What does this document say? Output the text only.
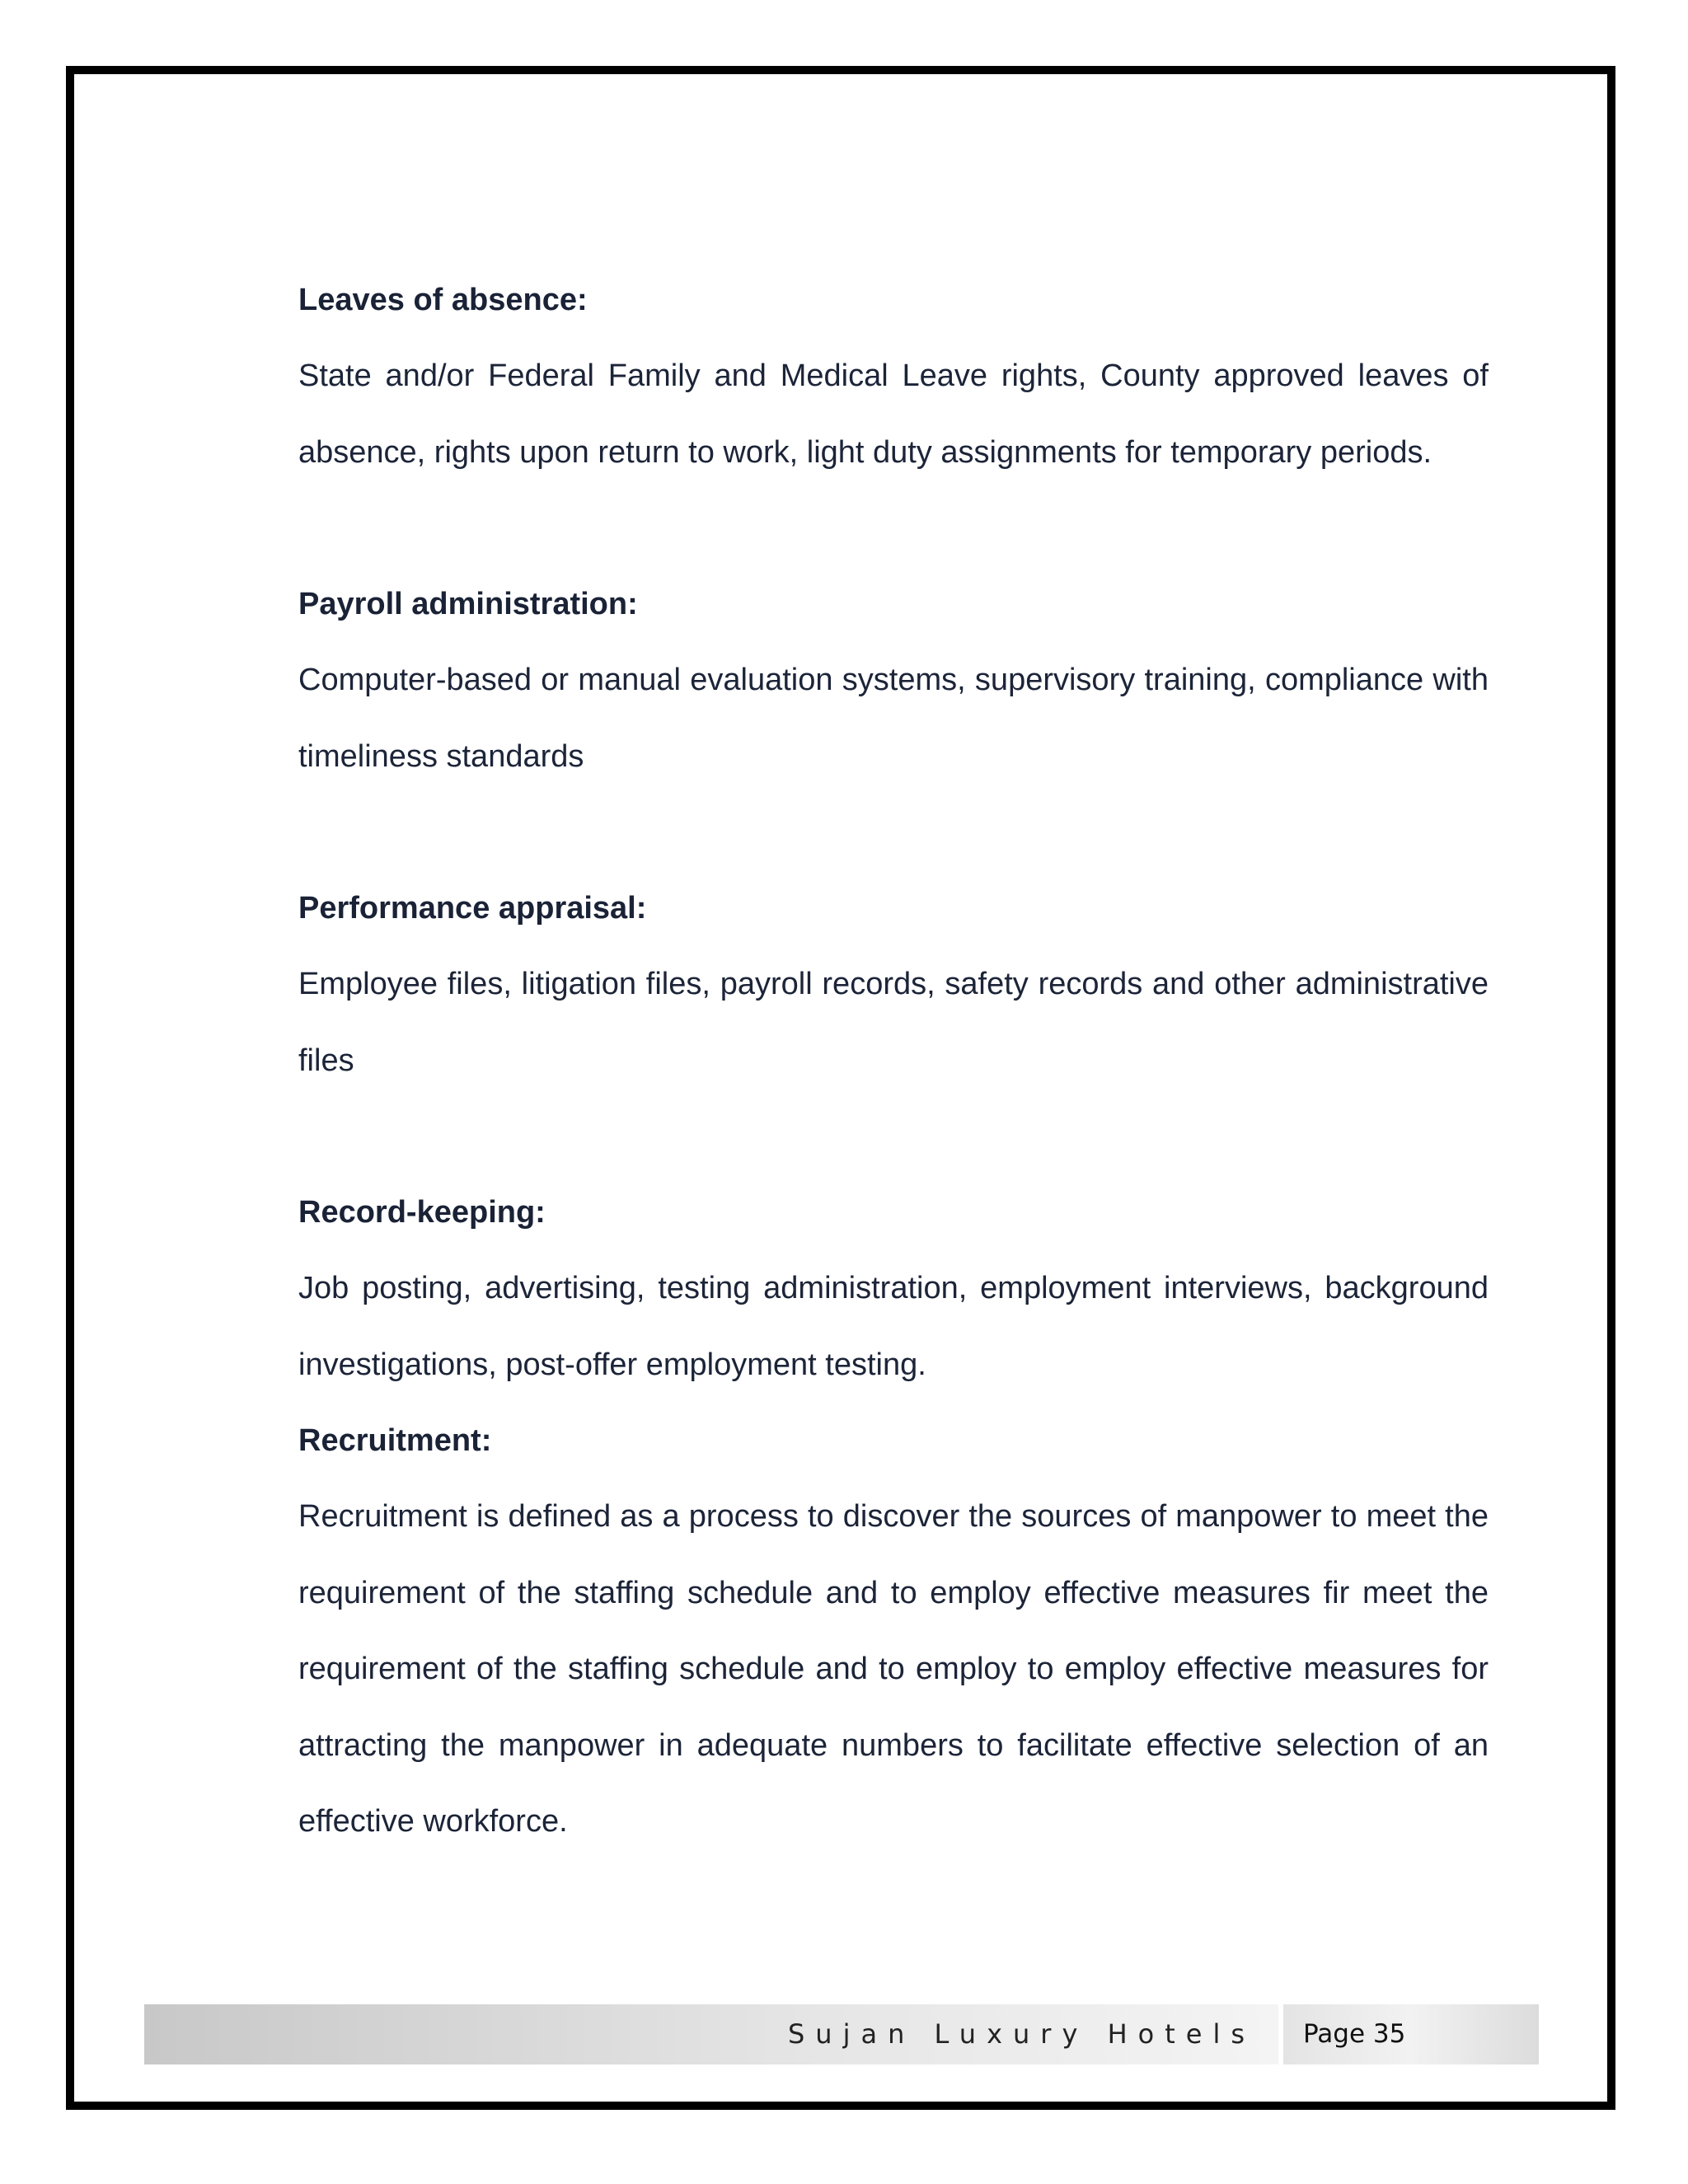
Leaves of absence:

State and/or Federal Family and Medical Leave rights, County approved leaves of absence, rights upon return to work, light duty assignments for temporary periods.

Payroll administration:

Computer-based or manual evaluation systems, supervisory training, compliance with timeliness standards

Performance appraisal:

Employee files, litigation files, payroll records, safety records and other administrative files

Record-keeping:

Job posting, advertising, testing administration, employment interviews, background investigations, post-offer employment testing.

Recruitment:

Recruitment is defined as a process to discover the sources of manpower to meet the requirement of the staffing schedule and to employ effective measures fir meet the requirement of the staffing schedule and to employ to employ effective measures for attracting the manpower in adequate numbers to facilitate effective selection of an effective workforce.

Sujan Luxury Hotels Page 35
